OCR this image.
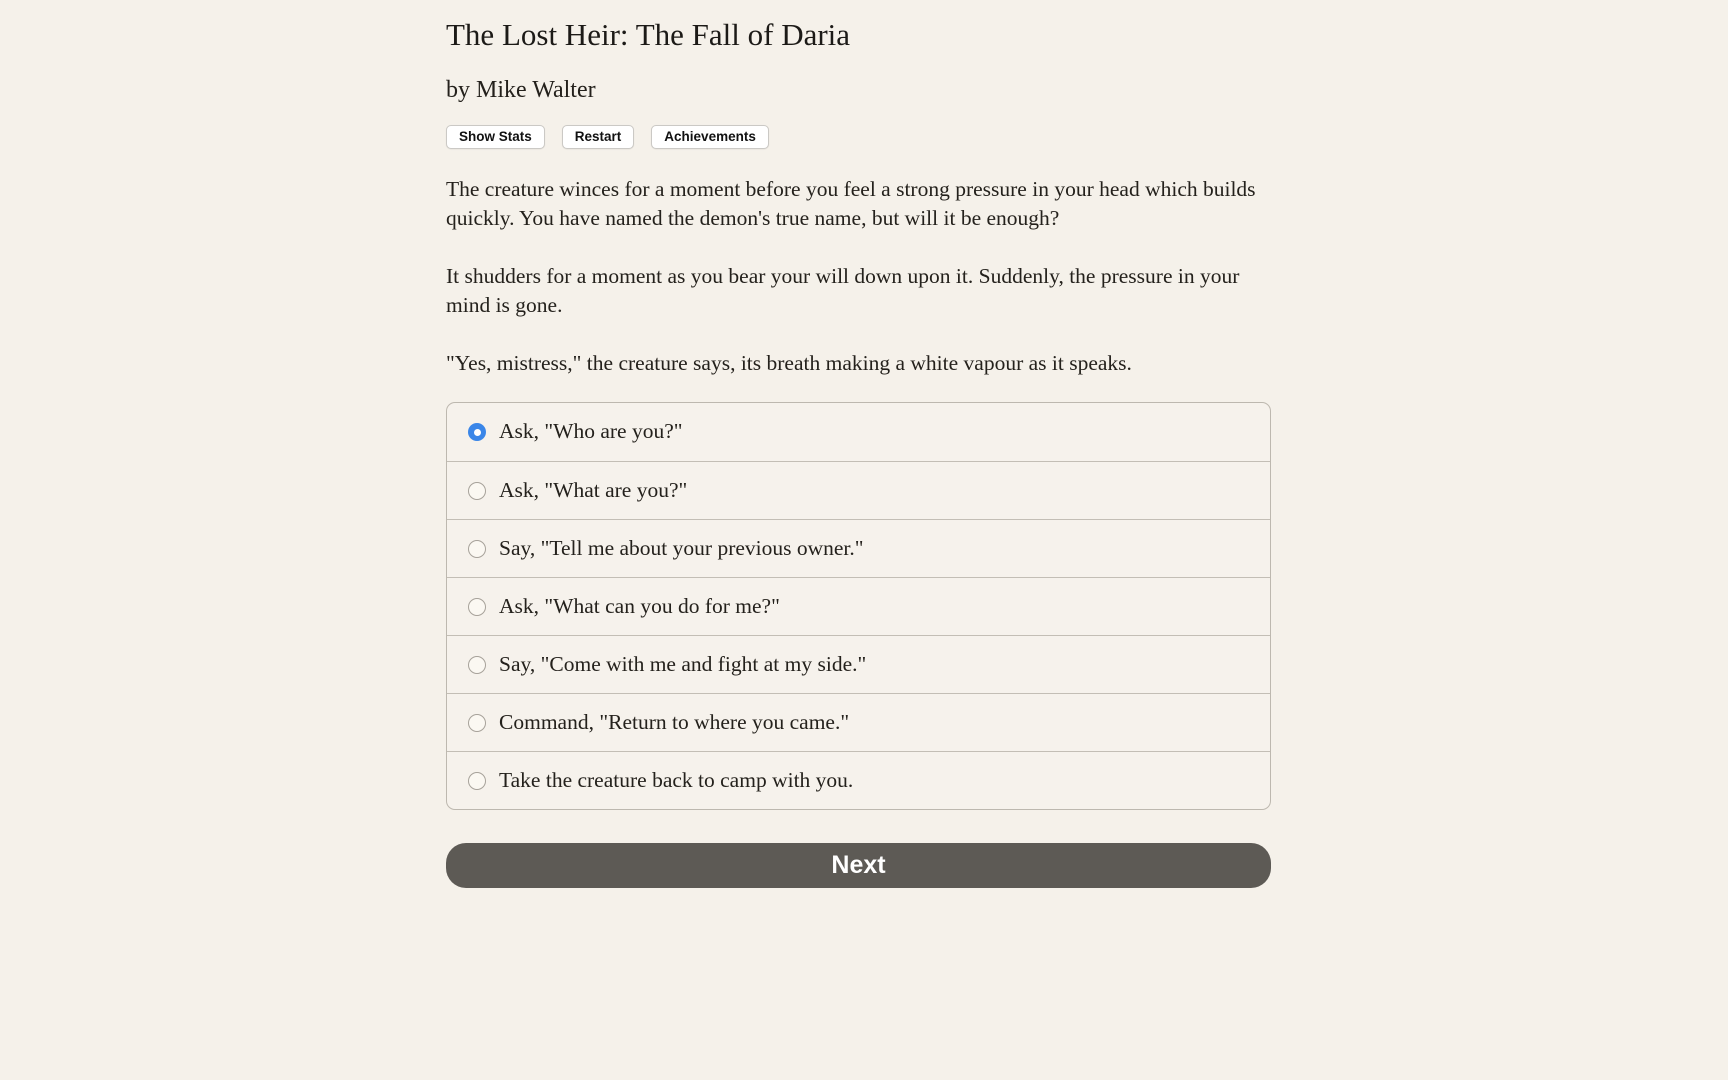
The Lost Heir: The Fall of Daria
by Mike Walter
Show Stats	Restart	Achievements

The creature winces for a moment before you feel a strong pressure in your head which builds quickly. You have named the demon's true name, but will it be enough?

It shudders for a moment as you bear your will down upon it. Suddenly, the pressure in your mind is gone.

"Yes, mistress," the creature says, its breath making a white vapour as it speaks.

Ask, "Who are you?"
Ask, "What are you?"
Say, "Tell me about your previous owner."
Ask, "What can you do for me?"
Say, "Come with me and fight at my side."
Command, "Return to where you came."
Take the creature back to camp with you.
Next
